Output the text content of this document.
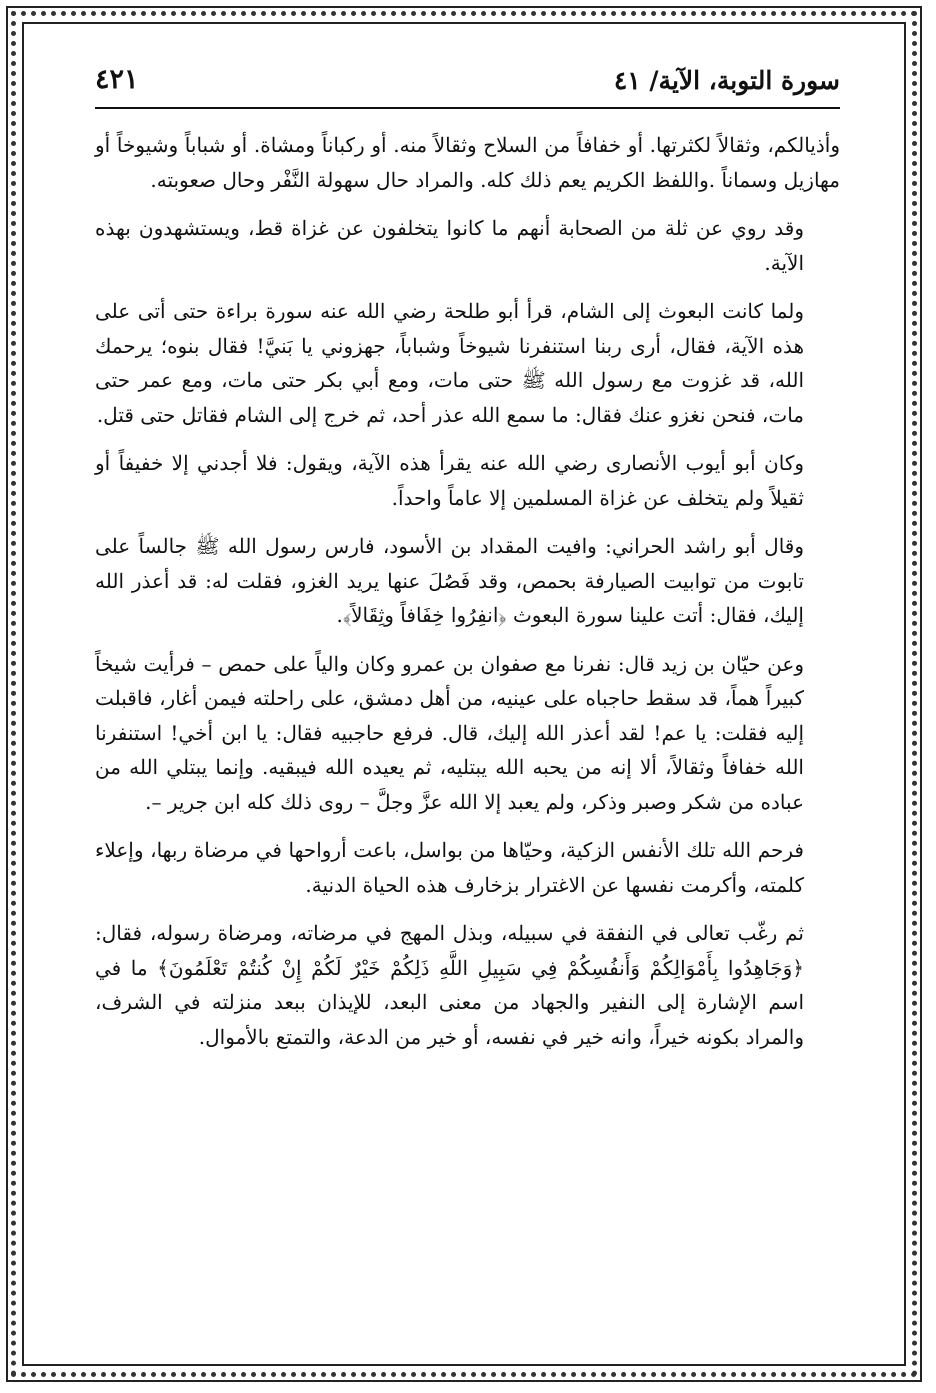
سورة التوبة، الآية/ ٤١
٤٢١

وأذيالكم، وثقالاً لكثرتها. أو خفافاً من السلاح وثقالاً منه. أو ركباناً ومشاة. أو شباباً وشيوخاً أو مهازيل وسماناً .واللفظ الكريم يعم ذلك كله. والمراد حال سهولة النَّفْر وحال صعوبته.

وقد روي عن ثلة من الصحابة أنهم ما كانوا يتخلفون عن غزاة قط، ويستشهدون بهذه الآية.

ولما كانت البعوث إلى الشام، قرأ أبو طلحة رضي الله عنه سورة براءة حتى أتى على هذه الآية، فقال، أرى ربنا استنفرنا شيوخاً وشباباً، جهزوني يا بَنيَّ! فقال بنوه؛ يرحمك الله، قد غزوت مع رسول الله ﷺ حتى مات، ومع أبي بكر حتى مات، ومع عمر حتى مات، فنحن نغزو عنك فقال: ما سمع الله عذر أحد، ثم خرج إلى الشام فقاتل حتى قتل.

وكان أبو أيوب الأنصارى رضي الله عنه يقرأ هذه الآية، ويقول: فلا أجدني إلا خفيفاً أو ثقيلاً ولم يتخلف عن غزاة المسلمين إلا عاماً واحداً.

وقال أبو راشد الحراني: وافيت المقداد بن الأسود، فارس رسول الله ﷺ جالساً على تابوت من توابيت الصيارفة بحمص، وقد فَصُلَ عنها يريد الغزو، فقلت له: قد أعذر الله إليك، فقال: أتت علينا سورة البعوث ﴿انفِرُوا خِفَافاً وثِقَالاً﴾.

وعن حيّان بن زيد قال: نفرنا مع صفوان بن عمرو وكان والياً على حمص – فرأيت شيخاً كبيراً هماً، قد سقط حاجباه على عينيه، من أهل دمشق، على راحلته فيمن أغار، فاقبلت إليه فقلت: يا عم! لقد أعذر الله إليك، قال. فرفع حاجبيه فقال: يا ابن أخي! استنفرنا الله خفافاً وثقالاً، ألا إنه من يحبه الله يبتليه، ثم يعيده الله فيبقيه. وإنما يبتلي الله من عباده من شكر وصبر وذكر، ولم يعبد إلا الله عزَّ وجلَّ – روى ذلك كله ابن جرير –.

فرحم الله تلك الأنفس الزكية، وحيّاها من بواسل، باعت أرواحها في مرضاة ربها، وإعلاء كلمته، وأكرمت نفسها عن الاغترار بزخارف هذه الحياة الدنية.

ثم رغّب تعالى في النفقة في سبيله، وبذل المهج في مرضاته، ومرضاة رسوله، فقال: ﴿وَجَاهِدُوا بِأَمْوَالِكُمْ وَأَنفُسِكُمْ فِي سَبِيلِ اللَّهِ ذَلِكُمْ خَيْرٌ لَكُمْ إِنْ كُنتُمْ تَعْلَمُونَ﴾ ما في اسم الإشارة إلى النفير والجهاد من معنى البعد، للإيذان ببعد منزلته في الشرف، والمراد بكونه خيراً، وانه خير في نفسه، أو خير من الدعة، والتمتع بالأموال.
